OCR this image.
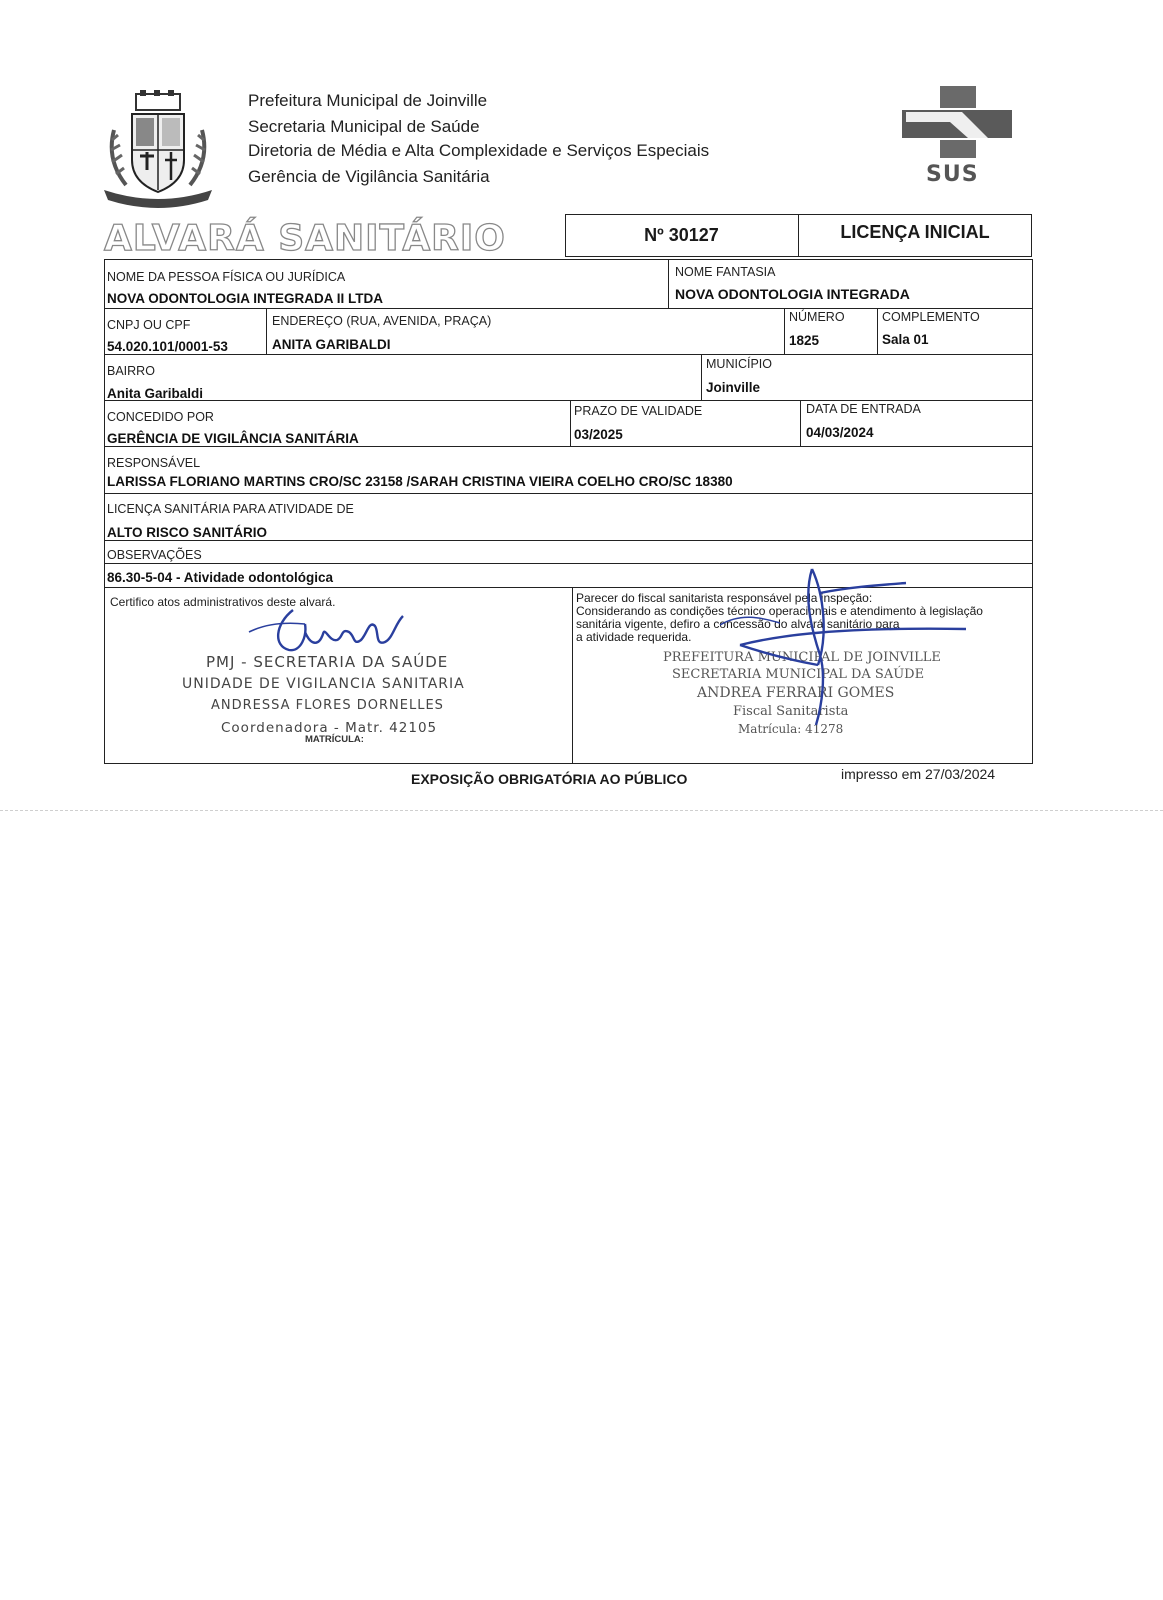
Prefeitura Municipal de Joinville
Secretaria Municipal de Saúde
Diretoria de Média e Alta Complexidade e Serviços Especiais
Gerência de Vigilância Sanitária	SUS
ALVARÁ SANITÁRIO	Nº 30127	LICENÇA INICIAL
NOME DA PESSOA FÍSICA OU JURÍDICA
NOVA ODONTOLOGIA INTEGRADA II LTDA
NOME FANTASIA
NOVA ODONTOLOGIA INTEGRADA
CNPJ OU CPF
54.020.101/0001-53
ENDEREÇO (RUA, AVENIDA, PRAÇA)
ANITA GARIBALDI
NÚMERO
1825
COMPLEMENTO
Sala 01
BAIRRO
Anita Garibaldi
MUNICÍPIO
Joinville
CONCEDIDO POR
GERÊNCIA DE VIGILÂNCIA SANITÁRIA
PRAZO DE VALIDADE
03/2025
DATA DE ENTRADA
04/03/2024
RESPONSÁVEL
LARISSA FLORIANO MARTINS CRO/SC 23158 /SARAH CRISTINA VIEIRA COELHO CRO/SC 18380
LICENÇA SANITÁRIA PARA ATIVIDADE DE
ALTO RISCO SANITÁRIO
OBSERVAÇÕES
86.30-5-04 - Atividade odontológica
Certifico atos administrativos deste alvará.
PMJ - SECRETARIA DA SAÚDE
UNIDADE DE VIGILANCIA SANITARIA
ANDRESSA FLORES DORNELLES
Coordenadora - Matr. 42105
MATRÍCULA:
Parecer do fiscal sanitarista responsável pela inspeção:
Considerando as condições técnico operacionais e atendimento à legislação
sanitária vigente, defiro a concessão do alvará sanitário para
a atividade requerida.
PREFEITURA MUNICIPAL DE JOINVILLE
SECRETARIA MUNICIPAL DA SAÚDE
ANDREA FERRARI GOMES
Fiscal Sanitarista
Matrícula: 41278
EXPOSIÇÃO OBRIGATÓRIA AO PÚBLICO	impresso em 27/03/2024
